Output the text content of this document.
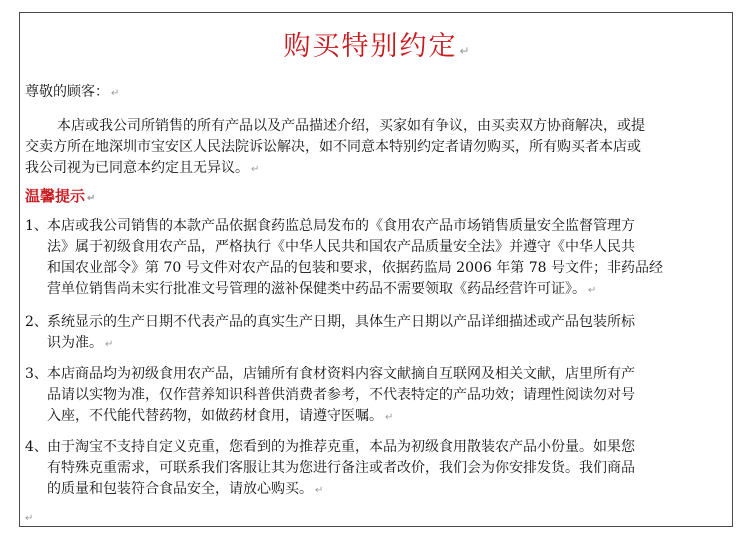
购买特别约定 ↵
尊敬的顾客： ↵
本店或我公司所销售的所有产品以及产品描述介绍，买家如有争议，由买卖双方协商解决，或提
交卖方所在地深圳市宝安区人民法院诉讼解决，如不同意本特别约定者请勿购买，所有购买者本店或
我公司视为已同意本约定且无异议。 ↵
温馨提示 ↵
1、 本店或我公司销售的本款产品依据食药监总局发布的《食用农产品市场销售质量安全监督管理方
法》属于初级食用农产品，严格执行《中华人民共和国农产品质量安全法》并遵守《中华人民共
和国农业部令》第 70 号文件对农产品的包装和要求，依据药监局 2006 年第 78 号文件；非药品经
营单位销售尚未实行批准文号管理的滋补保健类中药品不需要领取《药品经营许可证》。 ↵
2、 系统显示的生产日期不代表产品的真实生产日期，具体生产日期以产品详细描述或产品包装所标
识为准。 ↵
3、 本店商品均为初级食用农产品，店铺所有食材资料内容文献摘自互联网及相关文献，店里所有产
品请以实物为准，仅作营养知识科普供消费者参考，不代表特定的产品功效；请理性阅读勿对号
入座，不代能代替药物，如做药材食用，请遵守医嘱。 ↵
4、 由于淘宝不支持自定义克重，您看到的为推荐克重，本品为初级食用散装农产品小份量。如果您
有特殊克重需求，可联系我们客服让其为您进行备注或者改价，我们会为你安排发货。我们商品
的质量和包装符合食品安全，请放心购买。 ↵
↵
